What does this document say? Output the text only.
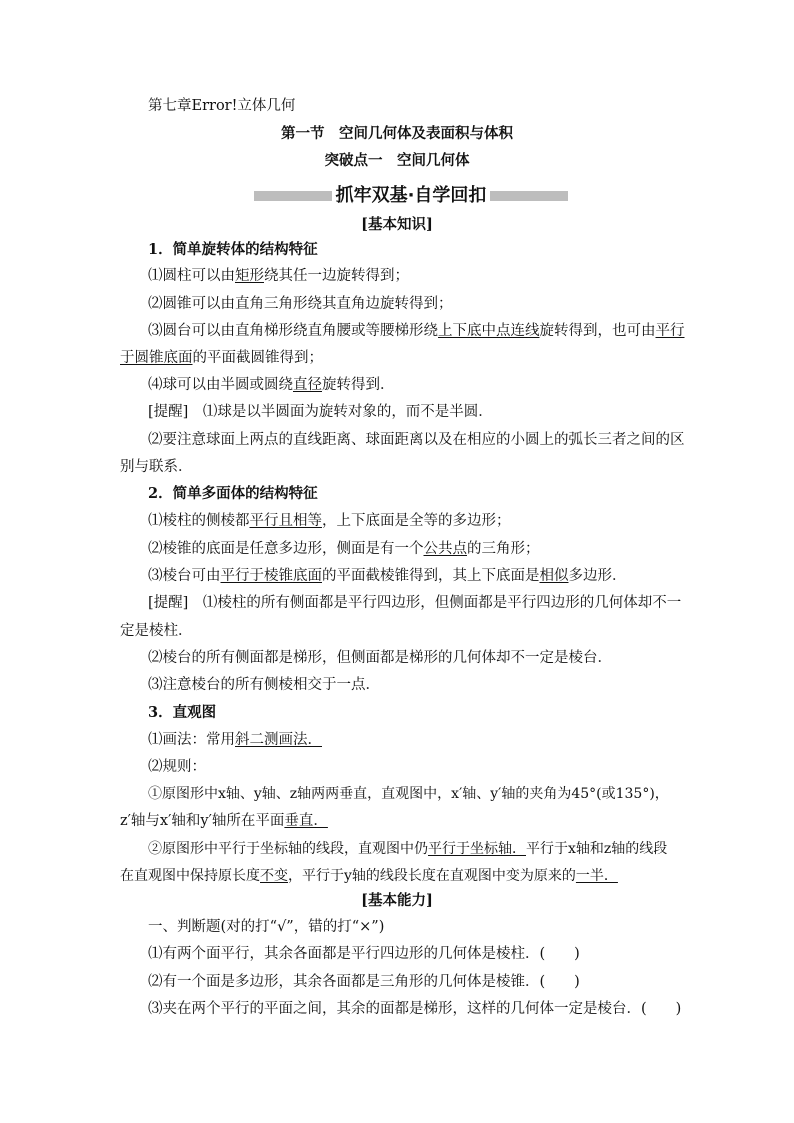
第七章Error!立体几何
第一节　空间几何体及表面积与体积
突破点一　空间几何体
抓牢双基·自学回扣
[基本知识]
1．简单旋转体的结构特征
⑴圆柱可以由矩形绕其任一边旋转得到；
⑵圆锥可以由直角三角形绕其直角边旋转得到；
⑶圆台可以由直角梯形绕直角腰或等腰梯形绕上下底中点连线旋转得到，也可由平行
于圆锥底面的平面截圆锥得到；
⑷球可以由半圆或圆绕直径旋转得到．
[提醒]　⑴球是以半圆面为旋转对象的，而不是半圆．
⑵要注意球面上两点的直线距离、球面距离以及在相应的小圆上的弧长三者之间的区
别与联系．
2．简单多面体的结构特征
⑴棱柱的侧棱都平行且相等，上下底面是全等的多边形；
⑵棱锥的底面是任意多边形，侧面是有一个公共点的三角形；
⑶棱台可由平行于棱锥底面的平面截棱锥得到，其上下底面是相似多边形．
[提醒]　⑴棱柱的所有侧面都是平行四边形，但侧面都是平行四边形的几何体却不一
定是棱柱．
⑵棱台的所有侧面都是梯形，但侧面都是梯形的几何体却不一定是棱台．
⑶注意棱台的所有侧棱相交于一点．
3．直观图
⑴画法：常用斜二测画法．
⑵规则：
①原图形中x轴、y轴、z轴两两垂直，直观图中，x′轴、y′轴的夹角为45°(或135°)，
z′轴与x′轴和y′轴所在平面垂直．
②原图形中平行于坐标轴的线段，直观图中仍平行于坐标轴．平行于x轴和z轴的线段
在直观图中保持原长度不变，平行于y轴的线段长度在直观图中变为原来的一半．
[基本能力]
一、判断题(对的打“√”，错的打“×”)
⑴有两个面平行，其余各面都是平行四边形的几何体是棱柱．(　　)
⑵有一个面是多边形，其余各面都是三角形的几何体是棱锥．(　　)
⑶夹在两个平行的平面之间，其余的面都是梯形，这样的几何体一定是棱台．(　　)
